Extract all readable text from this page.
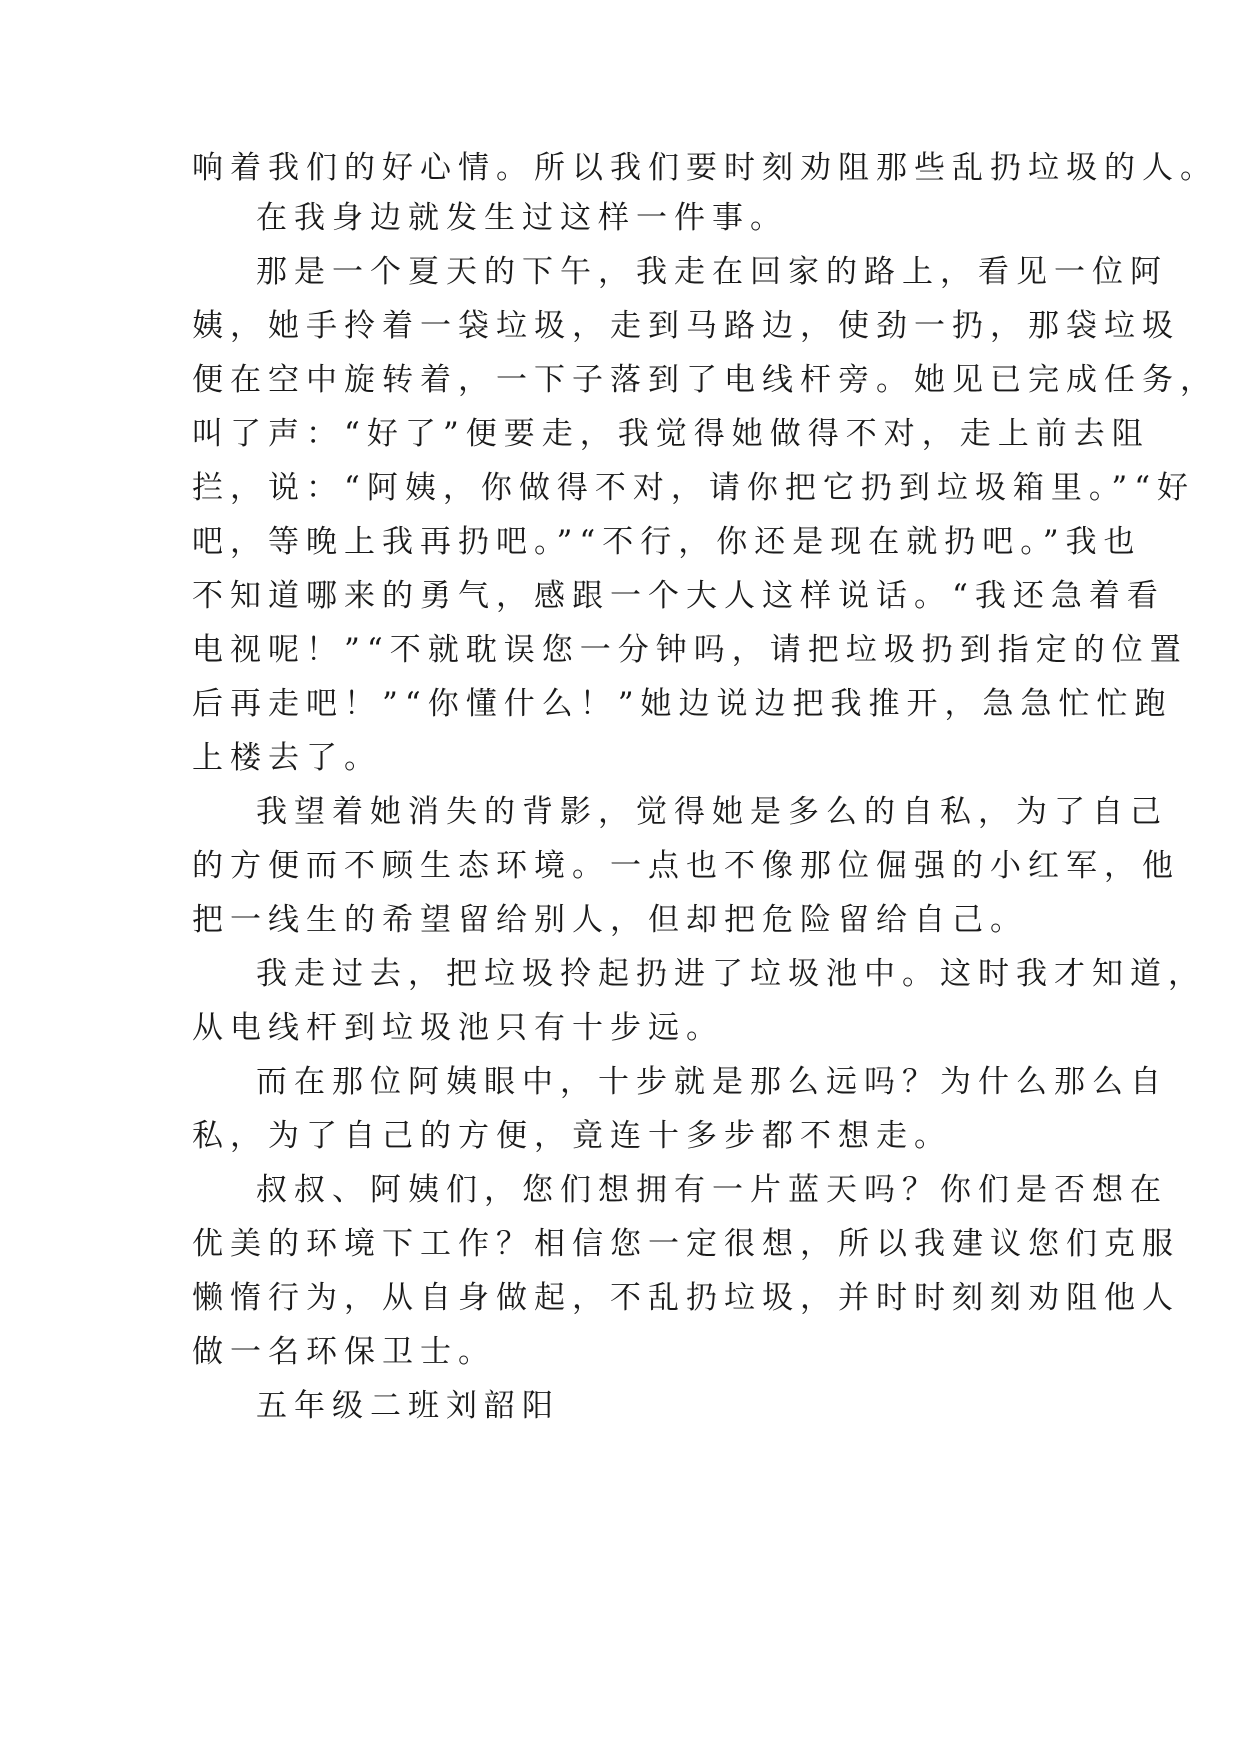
响着我们的好心情。所以我们要时刻劝阻那些乱扔垃圾的人。
在我身边就发生过这样一件事。
那是一个夏天的下午，我走在回家的路上，看见一位阿
姨，她手拎着一袋垃圾，走到马路边，使劲一扔，那袋垃圾
便在空中旋转着，一下子落到了电线杆旁。她见已完成任务，
叫了声：“好了”便要走，我觉得她做得不对，走上前去阻
拦，说：“阿姨，你做得不对，请你把它扔到垃圾箱里。”“好
吧，等晚上我再扔吧。”“不行，你还是现在就扔吧。”我也
不知道哪来的勇气，感跟一个大人这样说话。“我还急着看
电视呢！”“不就耽误您一分钟吗，请把垃圾扔到指定的位置
后再走吧！”“你懂什么！”她边说边把我推开，急急忙忙跑
上楼去了。
我望着她消失的背影，觉得她是多么的自私，为了自己
的方便而不顾生态环境。一点也不像那位倔强的小红军，他
把一线生的希望留给别人，但却把危险留给自己。
我走过去，把垃圾拎起扔进了垃圾池中。这时我才知道，
从电线杆到垃圾池只有十步远。
而在那位阿姨眼中，十步就是那么远吗？为什么那么自
私，为了自己的方便，竟连十多步都不想走。
叔叔、阿姨们，您们想拥有一片蓝天吗？你们是否想在
优美的环境下工作？相信您一定很想，所以我建议您们克服
懒惰行为，从自身做起，不乱扔垃圾，并时时刻刻劝阻他人
做一名环保卫士。
五年级二班刘韶阳
